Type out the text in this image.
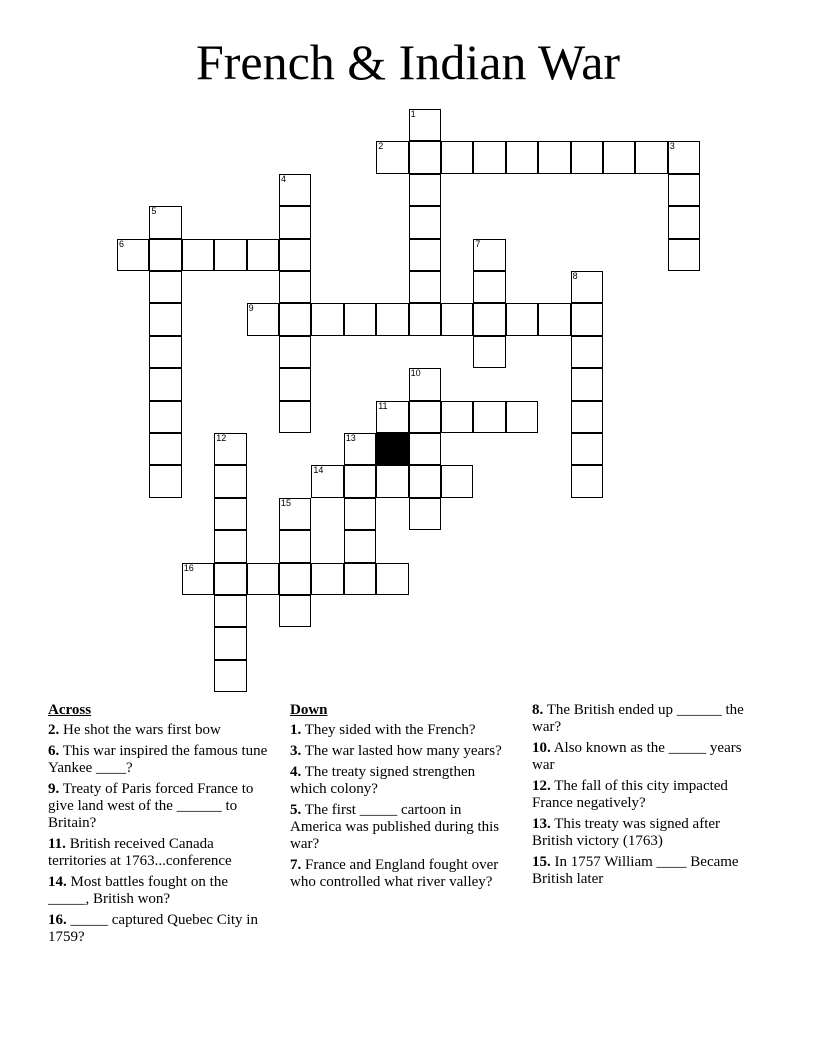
French & Indian War
1
2	3
4
5
6	7
8
9
10
11
12	13
14
15
16
Across
2. He shot the wars first bow
6. This war inspired the famous tune Yankee ____?
9. Treaty of Paris forced France to give land west of the ______ to Britain?
11. British received Canada territories at 1763...conference
14. Most battles fought on the _____, British won?
16. _____ captured Quebec City in 1759?
Down
1. They sided with the French?
3. The war lasted how many years?
4. The treaty signed strengthen which colony?
5. The first _____ cartoon in America was published during this war?
7. France and England fought over who controlled what river valley?
8. The British ended up ______ the war?
10. Also known as the _____ years war
12. The fall of this city impacted France negatively?
13. This treaty was signed after British victory (1763)
15. In 1757 William ____ Became British later
